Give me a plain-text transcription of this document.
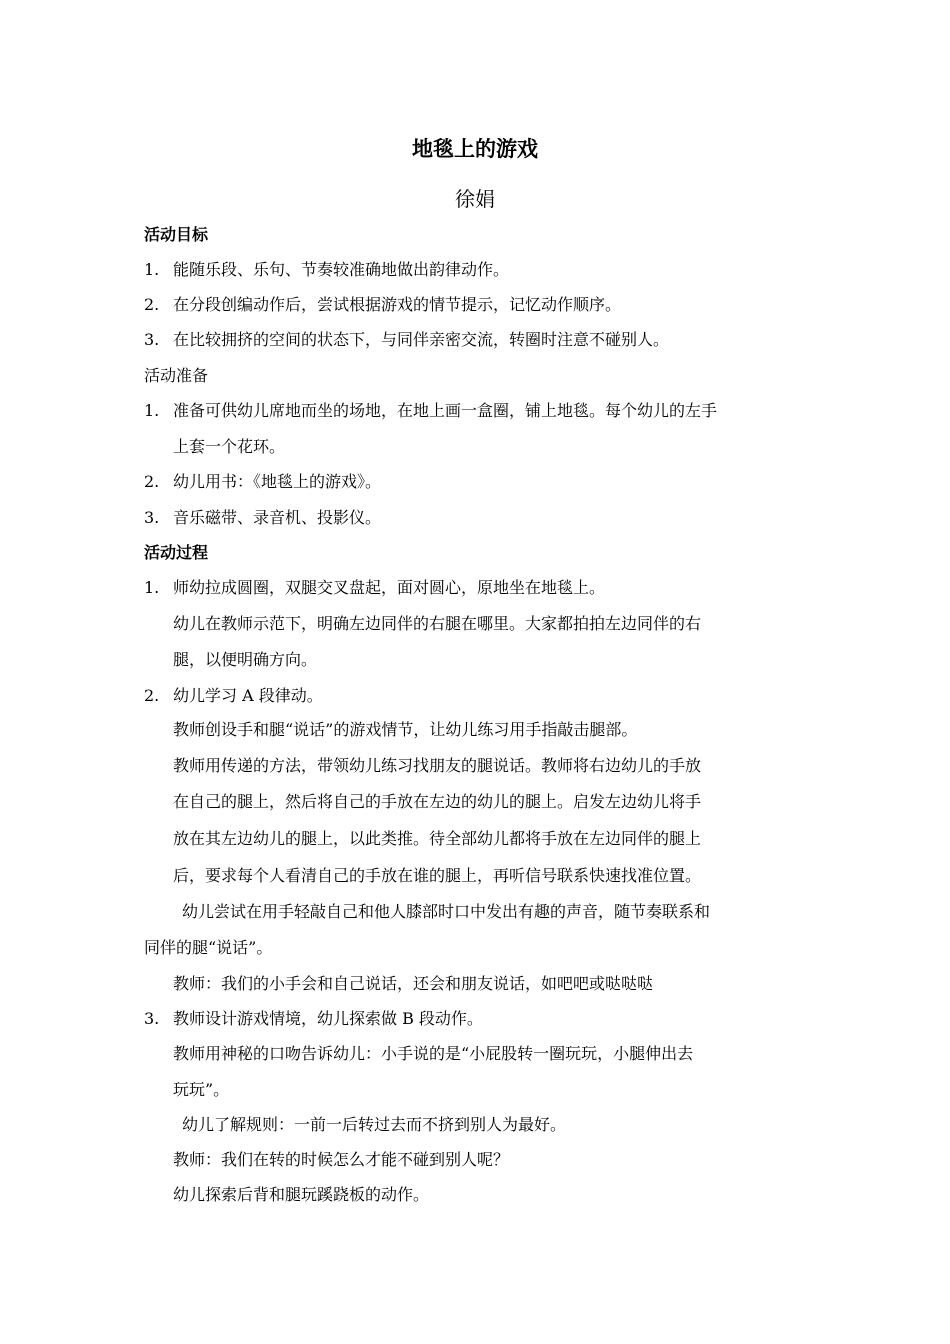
地毯上的游戏
徐娟
活动目标
1. 能随乐段、乐句、节奏较准确地做出韵律动作。
2. 在分段创编动作后，尝试根据游戏的情节提示，记忆动作顺序。
3. 在比较拥挤的空间的状态下，与同伴亲密交流，转圈时注意不碰别人。
活动准备
1. 准备可供幼儿席地而坐的场地，在地上画一盒圈，铺上地毯。每个幼儿的左手
上套一个花环。
2. 幼儿用书：《地毯上的游戏》。
3. 音乐磁带、录音机、投影仪。
活动过程
1. 师幼拉成圆圈，双腿交叉盘起，面对圆心，原地坐在地毯上。
幼儿在教师示范下，明确左边同伴的右腿在哪里。大家都拍拍左边同伴的右
腿，以便明确方向。
2. 幼儿学习 A 段律动。
教师创设手和腿“说话”的游戏情节，让幼儿练习用手指敲击腿部。
教师用传递的方法，带领幼儿练习找朋友的腿说话。教师将右边幼儿的手放
在自己的腿上，然后将自己的手放在左边的幼儿的腿上。启发左边幼儿将手
放在其左边幼儿的腿上，以此类推。待全部幼儿都将手放在左边同伴的腿上
后，要求每个人看清自己的手放在谁的腿上，再听信号联系快速找准位置。
幼儿尝试在用手轻敲自己和他人膝部时口中发出有趣的声音，随节奏联系和
同伴的腿“说话”。
教师：我们的小手会和自己说话，还会和朋友说话，如吧吧或哒哒哒
3. 教师设计游戏情境，幼儿探索做 B 段动作。
教师用神秘的口吻告诉幼儿：小手说的是“小屁股转一圈玩玩，小腿伸出去
玩玩”。
幼儿了解规则：一前一后转过去而不挤到别人为最好。
教师：我们在转的时候怎么才能不碰到别人呢？
幼儿探索后背和腿玩蹊跷板的动作。
